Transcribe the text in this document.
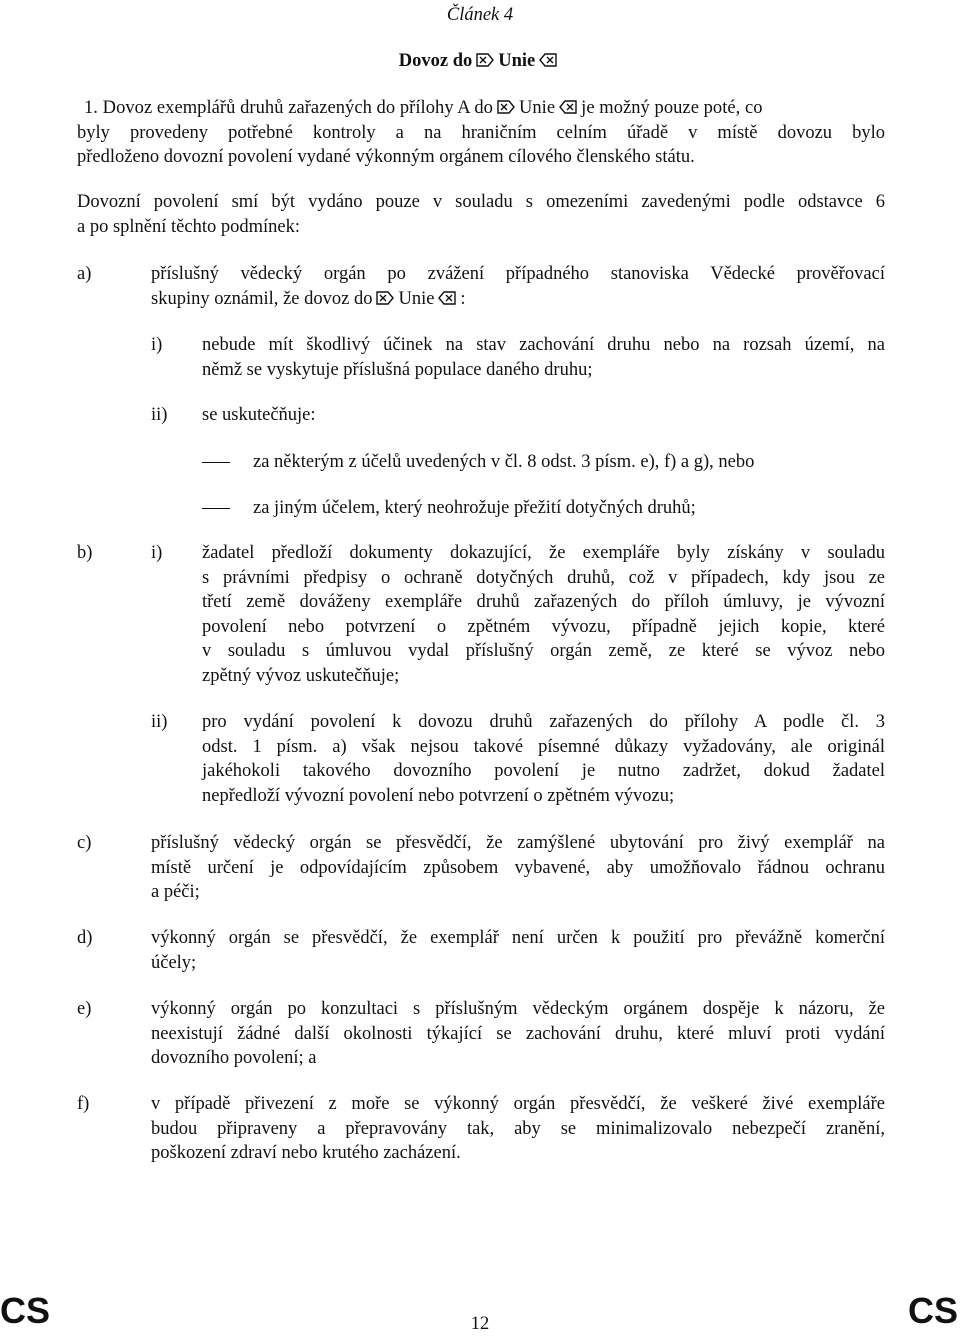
Článek 4
Dovoz do Unie
1. Dovoz exemplářů druhů zařazených do přílohy A do Unie je možný pouze poté, co
byly provedeny potřebné kontroly a na hraničním celním úřadě v místě dovozu bylo
předloženo dovozní povolení vydané výkonným orgánem cílového členského státu.
Dovozní povolení smí být vydáno pouze v souladu s omezeními zavedenými podle odstavce 6
a po splnění těchto podmínek:
a)	příslušný vědecký orgán po zvážení případného stanoviska Vědecké prověřovací
skupiny oznámil, že dovoz do Unie :
i) nebude mít škodlivý účinek na stav zachování druhu nebo na rozsah území, na
němž se vyskytuje příslušná populace daného druhu;
ii) se uskutečňuje:
za některým z účelů uvedených v čl. 8 odst. 3 písm. e), f) a g), nebo
za jiným účelem, který neohrožuje přežití dotyčných druhů;
b)	i) žadatel předloží dokumenty dokazující, že exempláře byly získány v souladu
s právními předpisy o ochraně dotyčných druhů, což v případech, kdy jsou ze
třetí země dováženy exempláře druhů zařazených do příloh úmluvy, je vývozní
povolení nebo potvrzení o zpětném vývozu, případně jejich kopie, které
v souladu s úmluvou vydal příslušný orgán země, ze které se vývoz nebo
zpětný vývoz uskutečňuje;
ii) pro vydání povolení k dovozu druhů zařazených do přílohy A podle čl. 3
odst. 1 písm. a) však nejsou takové písemné důkazy vyžadovány, ale originál
jakéhokoli takového dovozního povolení je nutno zadržet, dokud žadatel
nepředloží vývozní povolení nebo potvrzení o zpětném vývozu;
c)	příslušný vědecký orgán se přesvědčí, že zamýšlené ubytování pro živý exemplář na
místě určení je odpovídajícím způsobem vybavené, aby umožňovalo řádnou ochranu
a péči;
d)	výkonný orgán se přesvědčí, že exemplář není určen k použití pro převážně komerční
účely;
e)	výkonný orgán po konzultaci s příslušným vědeckým orgánem dospěje k názoru, že
neexistují žádné další okolnosti týkající se zachování druhu, které mluví proti vydání
dovozního povolení; a
f)	v případě přivezení z moře se výkonný orgán přesvědčí, že veškeré živé exempláře
budou připraveny a přepravovány tak, aby se minimalizovalo nebezpečí zranění,
poškození zdraví nebo krutého zacházení.
CS	12	CS
